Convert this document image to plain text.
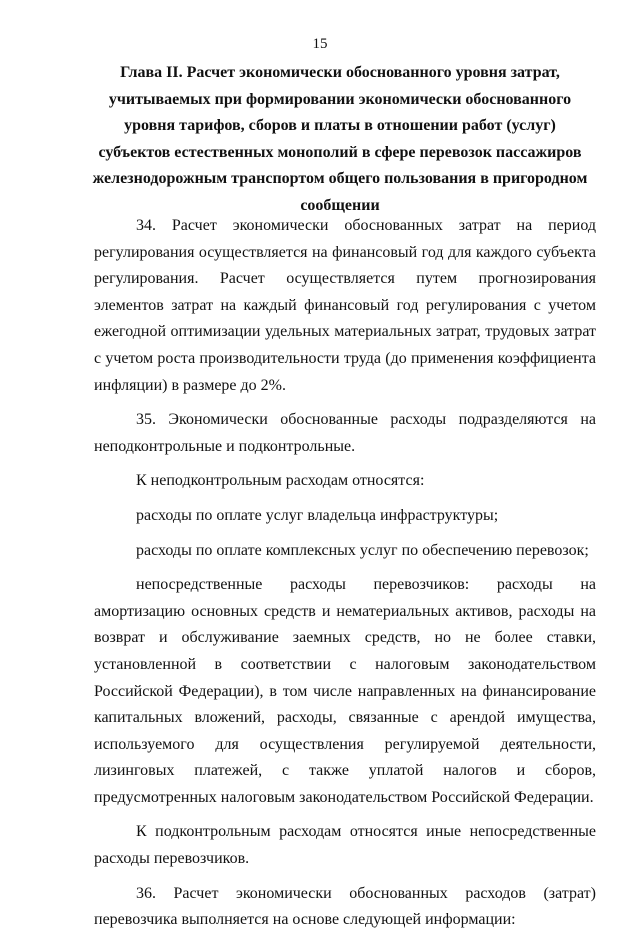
15
Глава II. Расчет экономически обоснованного уровня затрат, учитываемых при формировании экономически обоснованного уровня тарифов, сборов и платы в отношении работ (услуг) субъектов естественных монополий в сфере перевозок пассажиров железнодорожным транспортом общего пользования в пригородном сообщении

34. Расчет экономически обоснованных затрат на период регулирования осуществляется на финансовый год для каждого субъекта регулирования. Расчет осуществляется путем прогнозирования элементов затрат на каждый финансовый год регулирования с учетом ежегодной оптимизации удельных материальных затрат, трудовых затрат с учетом роста производительности труда (до применения коэффициента инфляции) в размере до 2%.

35. Экономически обоснованные расходы подразделяются на неподконтрольные и подконтрольные.

К неподконтрольным расходам относятся:

расходы по оплате услуг владельца инфраструктуры;

расходы по оплате комплексных услуг по обеспечению перевозок;

непосредственные расходы перевозчиков: расходы на амортизацию основных средств и нематериальных активов, расходы на возврат и обслуживание заемных средств, но не более ставки, установленной в соответствии с налоговым законодательством Российской Федерации), в том числе направленных на финансирование капитальных вложений, расходы, связанные с арендой имущества, используемого для осуществления регулируемой деятельности, лизинговых платежей, с также уплатой налогов и сборов, предусмотренных налоговым законодательством Российской Федерации.

К подконтрольным расходам относятся иные непосредственные расходы перевозчиков.

36. Расчет экономически обоснованных расходов (затрат) перевозчика выполняется на основе следующей информации:
